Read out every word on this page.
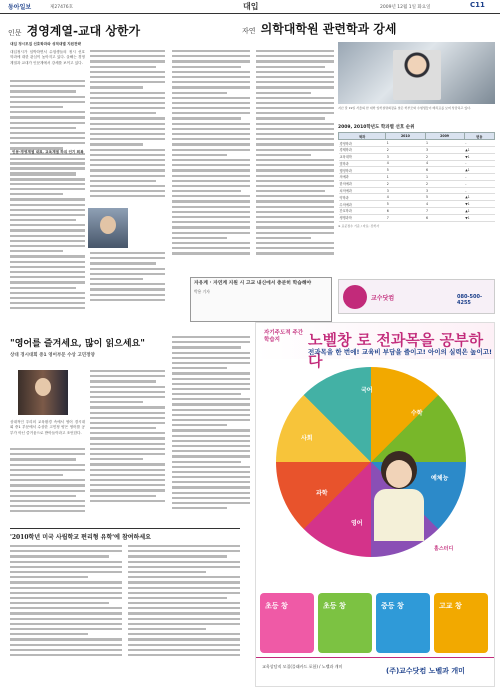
동아일보	제27476호	대입	2009년 12월 1일 화요일	C11
인문 경영계열-교대 상한가	자연 의학대학원 관련학과 강세
대입 정시모집 선호학과와 성적대별 지원전략
대입정시가 임박하면서 수험생들의 정시 선호 학과에 대한 관심이 높아지고 있다. 올해는 경영계열과 교대가 인문계에서 강세를 보이고 있다.
인문-경영계열 대표, 교육계열 하위 인기 회복
자유계 · 자연계 지원 시 고교 내신에서 충분히 학습해야
박용 기자
지난 달 19일 서울의 한 대학 입학설명회장을 찾은 학부모와 수험생들이 배치표를 보며 상담하고 있다.
2009, 2010학년도 학과별 선호 순위
학과	2010	2009	변동
경영학과	1	1	-
경제학과	2	3	▲1
교육대학	3	2	▼1
법학과	4	4	-
행정학과	5	6	▲1
의예과	1	1	-
한의예과	2	2	-
치의예과	3	3	-
약학과	4	5	▲1
수의예과	5	4	▼1
간호학과	6	7	▲1
생명과학	7	6	▼1
※ 표준점수 기준 / 자료: 진학사
교수닷컴	080-500-4255
"영어를 즐겨세요, 많이 읽으세요"
상대 경시대회 중1 영어부문 수상 고민정양
상대적인 우리의 교육환경 속에서 영어 경시대회 중1 부문에서 수상한 고민정 양은 영어를 공부가 아닌 즐거움으로 받아들이라고 조언한다.
'2010학년 미국 사립학교 편리형 유학'에 참여하세요
자기주도적 주간학습지	노벨창 로 전과목을 공부하다
전과목을 한 번에! 교육비 부담을 줄이고! 아이의 실력은 높이고!
국어
수학
사회
과학
영어
예체능
홈스터디
초등 창	초등 창	중등 창	고교 창
교육상담직 모집(플래카드 포함) / 노벨과 개미
(주)교수닷컴 노벨과 개미
